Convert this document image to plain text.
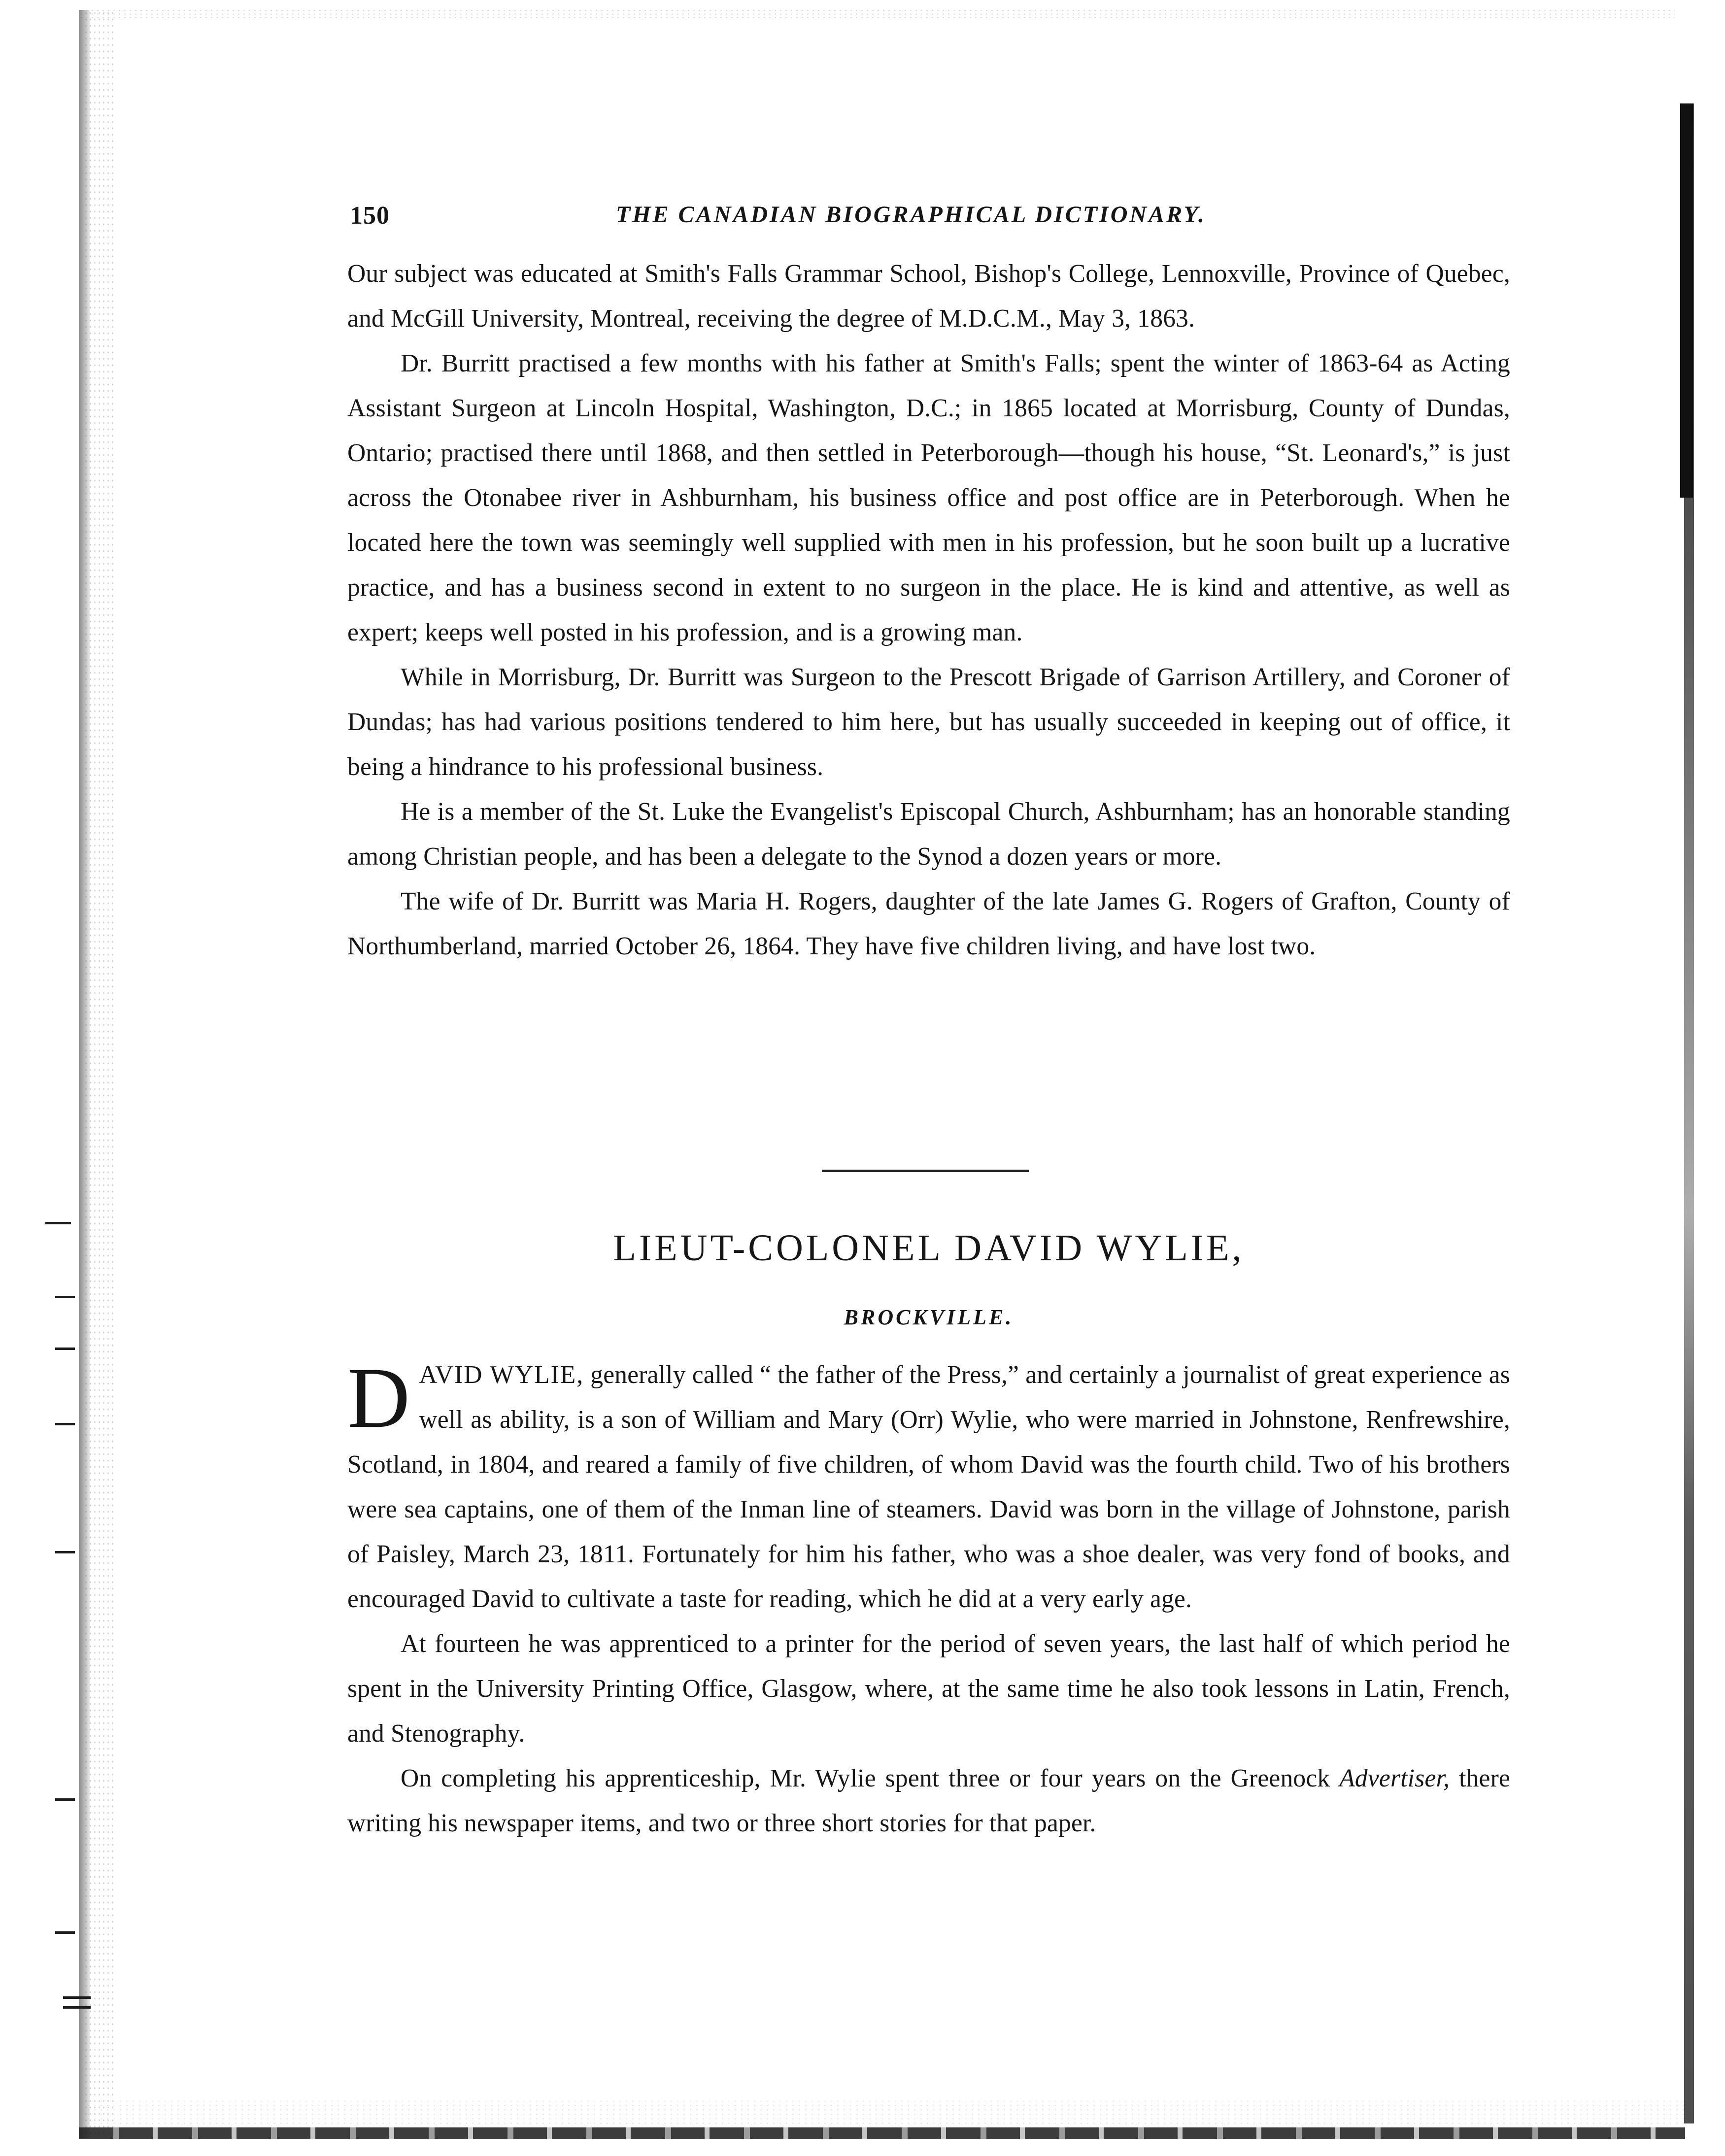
150	THE CANADIAN BIOGRAPHICAL DICTIONARY.

Our subject was educated at Smith's Falls Grammar School, Bishop's College, Lennoxville, Province of Quebec, and McGill University, Montreal, receiving the degree of M.D.C.M., May 3, 1863.

Dr. Burritt practised a few months with his father at Smith's Falls; spent the winter of 1863-64 as Acting Assistant Surgeon at Lincoln Hospital, Washington, D.C.; in 1865 located at Morrisburg, County of Dundas, Ontario; practised there until 1868, and then settled in Peterborough—though his house, “St. Leonard's,” is just across the Otonabee river in Ashburnham, his business office and post office are in Peterborough. When he located here the town was seemingly well supplied with men in his profession, but he soon built up a lucrative practice, and has a business second in extent to no surgeon in the place. He is kind and attentive, as well as expert; keeps well posted in his profession, and is a growing man.

While in Morrisburg, Dr. Burritt was Surgeon to the Prescott Brigade of Garrison Artillery, and Coroner of Dundas; has had various positions tendered to him here, but has usually succeeded in keeping out of office, it being a hindrance to his professional business.

He is a member of the St. Luke the Evangelist's Episcopal Church, Ashburnham; has an honorable standing among Christian people, and has been a delegate to the Synod a dozen years or more.

The wife of Dr. Burritt was Maria H. Rogers, daughter of the late James G. Rogers of Grafton, County of Northumberland, married October 26, 1864. They have five children living, and have lost two.

LIEUT-COLONEL DAVID WYLIE,
BROCKVILLE.

DAVID WYLIE, generally called “ the father of the Press,” and certainly a journalist of great experience as well as ability, is a son of William and Mary (Orr) Wylie, who were married in Johnstone, Renfrewshire, Scotland, in 1804, and reared a family of five children, of whom David was the fourth child. Two of his brothers were sea captains, one of them of the Inman line of steamers. David was born in the village of Johnstone, parish of Paisley, March 23, 1811. Fortunately for him his father, who was a shoe dealer, was very fond of books, and encouraged David to cultivate a taste for reading, which he did at a very early age.

At fourteen he was apprenticed to a printer for the period of seven years, the last half of which period he spent in the University Printing Office, Glasgow, where, at the same time he also took lessons in Latin, French, and Stenography.

On completing his apprenticeship, Mr. Wylie spent three or four years on the Greenock Advertiser, there writing his newspaper items, and two or three short stories for that paper.
